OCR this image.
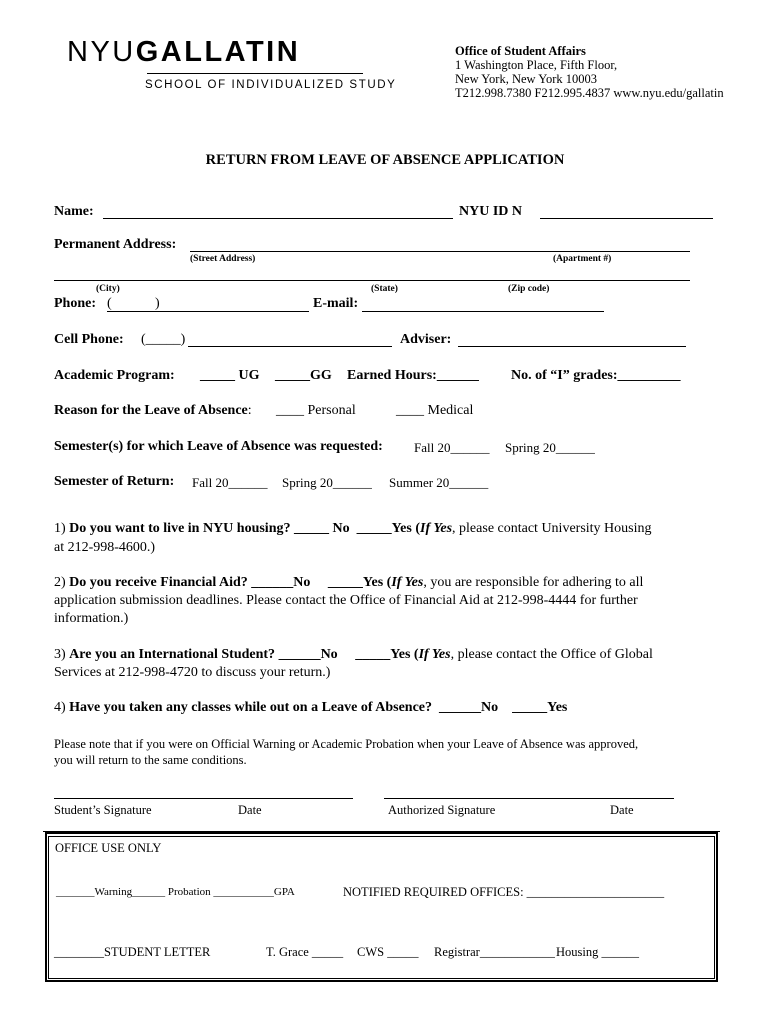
NYUGALLATIN
SCHOOL OF INDIVIDUALIZED STUDY
Office of Student Affairs
1 Washington Place, Fifth Floor,
New York, New York 10003
T212.998.7380 F212.995.4837 www.nyu.edu/gallatin
RETURN FROM LEAVE OF ABSENCE APPLICATION
Name:	NYU ID N
Permanent Address:
(Street Address)	(Apartment #)
(City)	(State)	(Zip code)
Phone: (	)	E-mail:
Cell Phone: (_____)	Adviser:
Academic Program: _____ UG _____GG Earned Hours:______ No. of “I” grades:_________
Reason for the Leave of Absence: ____ Personal	____ Medical
Semester(s) for which Leave of Absence was requested: Fall 20______ Spring 20______
Semester of Return: Fall 20______ Spring 20______ Summer 20______
1) Do you want to live in NYU housing? _____ No _____Yes (If Yes, please contact University Housing
at 212-998-4600.)
2) Do you receive Financial Aid? ______No _____Yes (If Yes, you are responsible for adhering to all
application submission deadlines. Please contact the Office of Financial Aid at 212-998-4444 for further
information.)
3) Are you an International Student? ______No _____Yes (If Yes, please contact the Office of Global
Services at 212-998-4720 to discuss your return.)
4) Have you taken any classes while out on a Leave of Absence? ______No _____Yes
Please note that if you were on Official Warning or Academic Probation when your Leave of Absence was approved,
you will return to the same conditions.
Student’s Signature	Date	Authorized Signature	Date
OFFICE USE ONLY
_______Warning______ Probation ___________GPA	NOTIFIED REQUIRED OFFICES: ______________________
________STUDENT LETTER	T. Grace _____ CWS _____ Registrar____________ Housing ______
